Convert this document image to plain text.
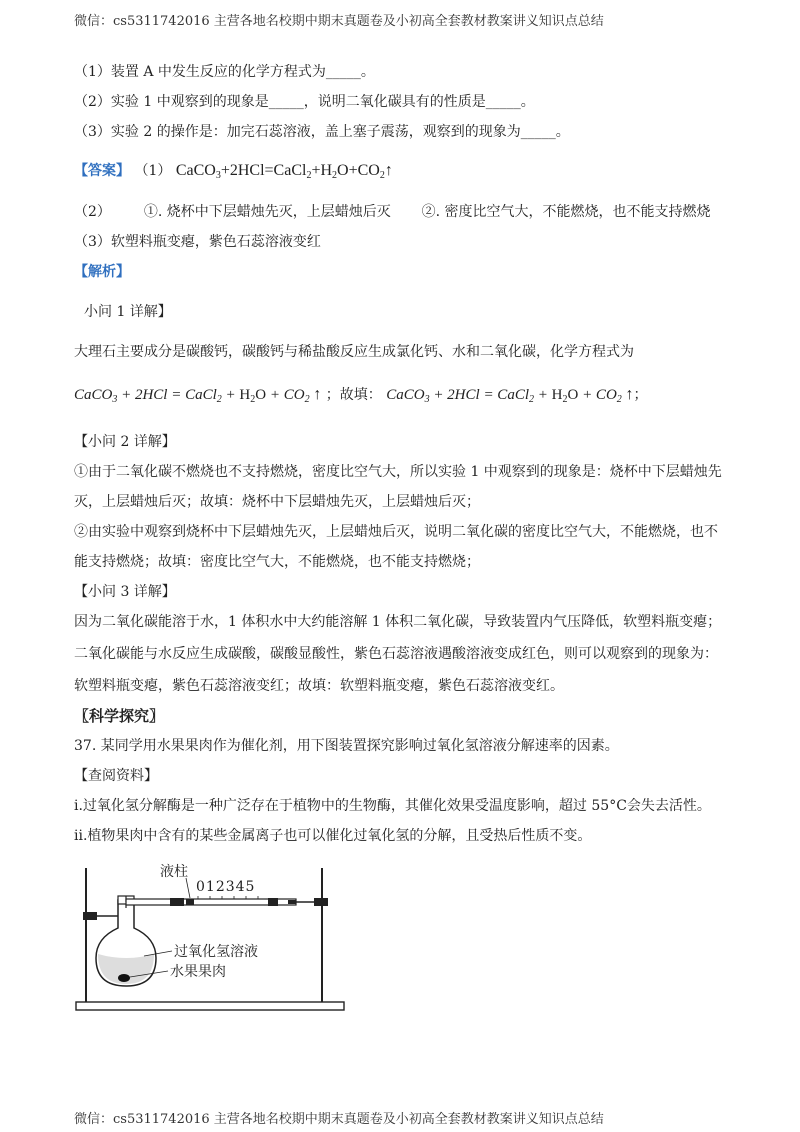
微信：cs5311742016 主营各地名校期中期末真题卷及小初高全套教材教案讲义知识点总结
（1）装置 A 中发生反应的化学方程式为_____。
（2）实验 1 中观察到的现象是_____，说明二氧化碳具有的性质是_____。
（3）实验 2 的操作是：加完石蕊溶液，盖上塞子震荡，观察到的现象为_____。
【答案】 （1） $CaCO_3+2HCl=CaCl_2+H_2O+CO_2↑$
（2） ①. 烧杯中下层蜡烛先灭，上层蜡烛后灭 ②. 密度比空气大，不能燃烧，也不能支持燃烧
（3）软塑料瓶变瘪，紫色石蕊溶液变红
【解析】
小问 1 详解】
大理石主要成分是碳酸钙，碳酸钙与稀盐酸反应生成氯化钙、水和二氧化碳，化学方程式为
CaCO$_3$ + 2HCl = CaCl$_2$ + $H_2O + CO_2$ ↑ ；故填： CaCO$_3$ + 2HCl = CaCl$_2$ + $H_2O + CO_2$ ↑；
【小问 2 详解】
①由于二氧化碳不燃烧也不支持燃烧，密度比空气大，所以实验 1 中观察到的现象是：烧杯中下层蜡烛先
灭，上层蜡烛后灭；故填：烧杯中下层蜡烛先灭，上层蜡烛后灭；
②由实验中观察到烧杯中下层蜡烛先灭，上层蜡烛后灭，说明二氧化碳的密度比空气大，不能燃烧，也不
能支持燃烧；故填：密度比空气大，不能燃烧，也不能支持燃烧；
【小问 3 详解】
因为二氧化碳能溶于水，1 体积水中大约能溶解 1 体积二氧化碳，导致装置内气压降低，软塑料瓶变瘪；
二氧化碳能与水反应生成碳酸，碳酸显酸性，紫色石蕊溶液遇酸溶液变成红色，则可以观察到的现象为：
软塑料瓶变瘪，紫色石蕊溶液变红；故填：软塑料瓶变瘪，紫色石蕊溶液变红。
〖科学探究〗
37. 某同学用水果果肉作为催化剂，用下图装置探究影响过氧化氢溶液分解速率的因素。
【查阅资料】
i.过氧化氢分解酶是一种广泛存在于植物中的生物酶，其催化效果受温度影响，超过 55°C会失去活性。
ii.植物果肉中含有的某些金属离子也可以催化过氧化氢的分解，且受热后性质不变。
液柱
012345
过氧化氢溶液
水果果肉
微信：cs5311742016 主营各地名校期中期末真题卷及小初高全套教材教案讲义知识点总结
